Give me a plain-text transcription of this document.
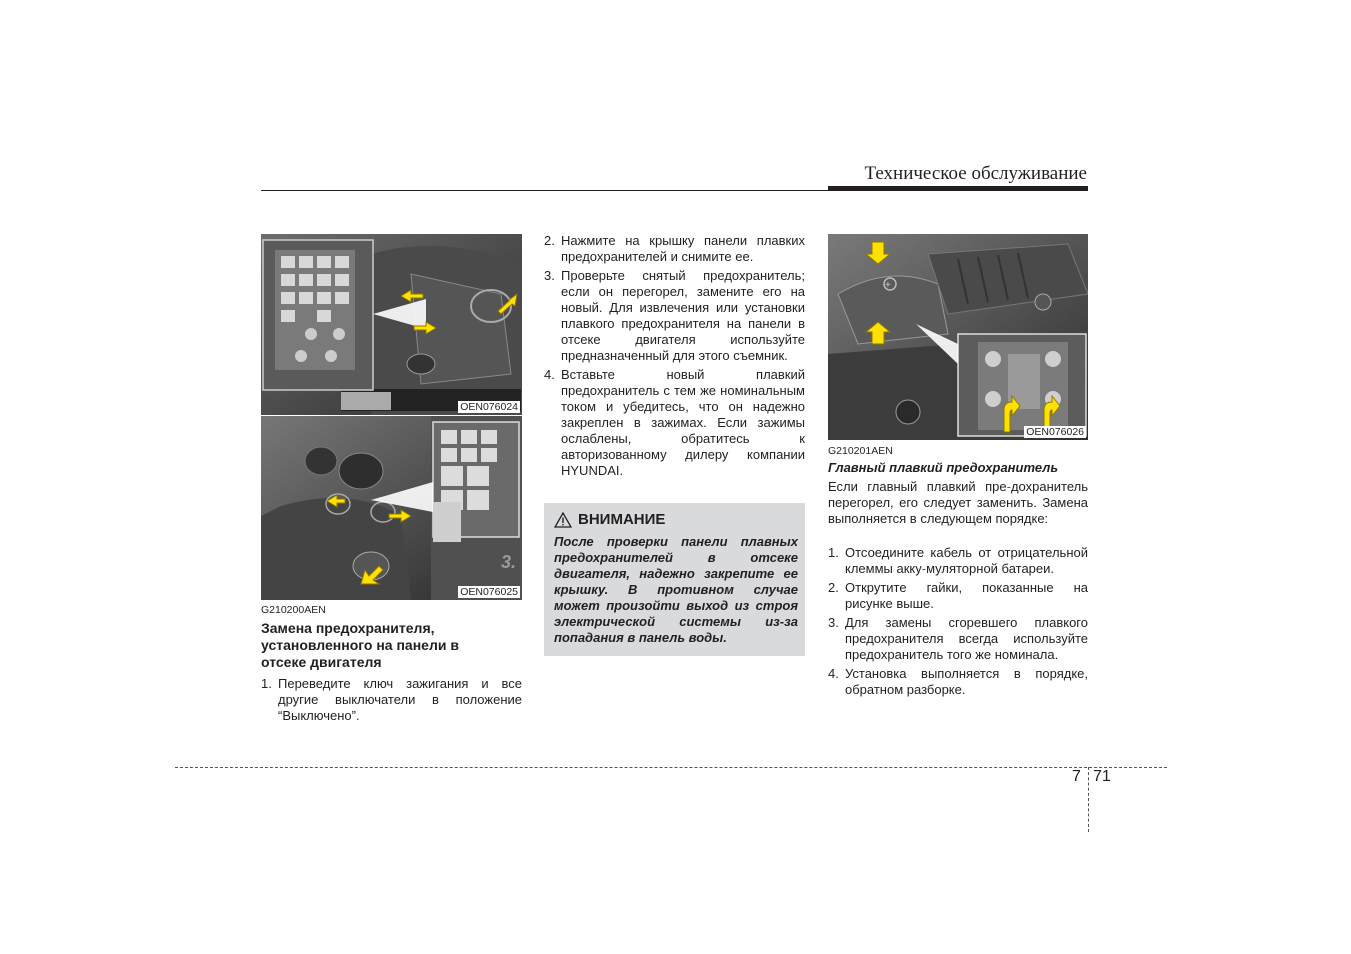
Техническое обслуживание
OEN076024
3.
OEN076025
G210200AEN
Замена предохранителя,
установленного на панели в
отсеке двигателя
1. Переведите ключ зажигания и все другие выключатели в положение “Выключено”.
2. Нажмите на крышку панели плавких предохранителей и снимите ее.
3. Проверьте снятый предохранитель; если он перегорел, замените его на новый. Для извлечения или установки плавкого предохранителя на панели в отсеке двигателя используйте предназначенный для этого съемник.
4. Вставьте новый плавкий предохранитель с тем же номинальным током и убедитесь, что он надежно закреплен в зажимах. Если зажимы ослаблены, обратитесь к авторизованному дилеру компании HYUNDAI.
ВНИМАНИЕ
После проверки панели плавных предохранителей в отсеке двигателя, надежно закрепите ее крышку. В противном случае может произойти выход из строя электрической системы из-за попадания в панель воды.
+
OEN076026
G210201AEN
Главный плавкий предохранитель
Если главный плавкий пре-дохранитель перегорел, его следует заменить. Замена выполняется в следующем порядке:
1. Отсоедините кабель от отрицательной клеммы акку-муляторной батареи.
2. Открутите гайки, показанные на рисунке выше.
3. Для замены сгоревшего плавкого предохранителя всегда используйте предохранитель того же номинала.
4. Установка выполняется в порядке, обратном разборке.
7 71
